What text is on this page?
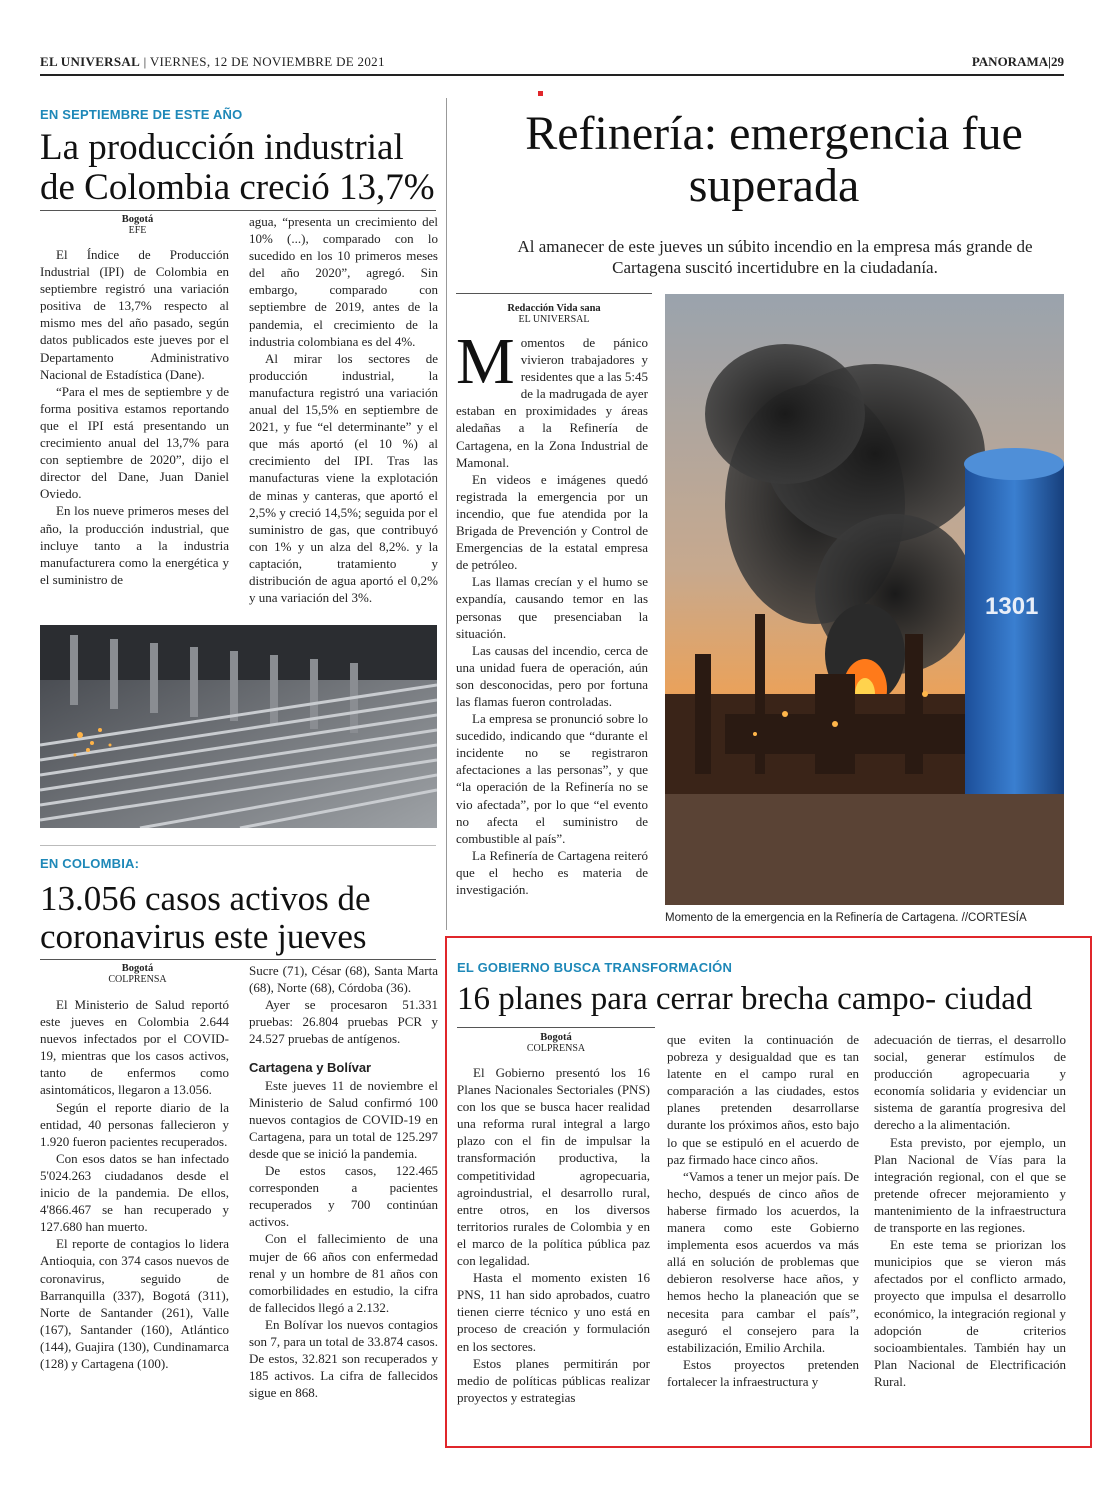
EL UNIVERSAL | VIERNES, 12 DE NOVIEMBRE DE 2021	PANORAMA|29
EN SEPTIEMBRE DE ESTE AÑO
La producción industrial de Colombia creció 13,7%
Bogotá
EFE

El Índice de Producción Industrial (IPI) de Colombia en septiembre registró una variación positiva de 13,7% respecto al mismo mes del año pasado, según datos publicados este jueves por el Departamento Administrativo Nacional de Estadística (Dane).

“Para el mes de septiembre y de forma positiva estamos reportando que el IPI está presentando un crecimiento anual del 13,7% para con septiembre de 2020”, dijo el director del Dane, Juan Daniel Oviedo.

En los nueve primeros meses del año, la producción industrial, que incluye tanto a la industria manufacturera como la energética y el suministro de

agua, “presenta un crecimiento del 10% (...), comparado con lo sucedido en los 10 primeros meses del año 2020”, agregó. Sin embargo, comparado con septiembre de 2019, antes de la pandemia, el crecimiento de la industria colombiana es del 4%.

Al mirar los sectores de producción industrial, la manufactura registró una variación anual del 15,5% en septiembre de 2021, y fue “el determinante” y el que más aportó (el 10 %) al crecimiento del IPI. Tras las manufacturas viene la explotación de minas y canteras, que aportó el 2,5% y creció 14,5%; seguida por el suministro de gas, que contribuyó con 1% y un alza del 8,2%. y la captación, tratamiento y distribución de agua aportó el 0,2% y una variación del 3%.

EN COLOMBIA:
13.056 casos activos de coronavirus este jueves
Bogotá
COLPRENSA

El Ministerio de Salud reportó este jueves en Colombia 2.644 nuevos infectados por el COVID-19, mientras que los casos activos, tanto de enfermos como asintomáticos, llegaron a 13.056.

Según el reporte diario de la entidad, 40 personas fallecieron y 1.920 fueron pacientes recuperados.

Con esos datos se han infectado 5'024.263 ciudadanos desde el inicio de la pandemia. De ellos, 4'866.467 se han recuperado y 127.680 han muerto.

El reporte de contagios lo lidera Antioquia, con 374 casos nuevos de coronavirus, seguido de Barranquilla (337), Bogotá (311), Norte de Santander (261), Valle (167), Santander (160), Atlántico (144), Guajira (130), Cundinamarca (128) y Cartagena (100).

Sucre (71), César (68), Santa Marta (68), Norte (68), Córdoba (36).

Ayer se procesaron 51.331 pruebas: 26.804 pruebas PCR y 24.527 pruebas de antígenos.

Cartagena y Bolívar

Este jueves 11 de noviembre el Ministerio de Salud confirmó 100 nuevos contagios de COVID-19 en Cartagena, para un total de 125.297 desde que se inició la pandemia.

De estos casos, 122.465 corresponden a pacientes recuperados y 700 continúan activos.

Con el fallecimiento de una mujer de 66 años con enfermedad renal y un hombre de 81 años con comorbilidades en estudio, la cifra de fallecidos llegó a 2.132.

En Bolívar los nuevos contagios son 7, para un total de 33.874 casos. De estos, 32.821 son recuperados y 185 activos. La cifra de fallecidos sigue en 868.

Refinería: emergencia fue superada
Al amanecer de este jueves un súbito incendio en la empresa más grande de Cartagena suscitó incertidubre en la ciudadanía.
Redacción Vida sana
EL UNIVERSAL
M omentos de pánico vivieron trabajadores y residentes que a las 5:45 de la madrugada de ayer estaban en proximidades y áreas aledañas a la Refinería de Cartagena, en la Zona Industrial de Mamonal.

En videos e imágenes quedó registrada la emergencia por un incendio, que fue atendida por la Brigada de Prevención y Control de Emergencias de la estatal empresa de petróleo.

Las llamas crecían y el humo se expandía, causando temor en las personas que presenciaban la situación.

Las causas del incendio, cerca de una unidad fuera de operación, aún son desconocidas, pero por fortuna las flamas fueron controladas.

La empresa se pronunció sobre lo sucedido, indicando que “durante el incidente no se registraron afectaciones a las personas”, y que “la operación de la Refinería no se vio afectada”, por lo que “el evento no afecta el suministro de combustible al país”.

La Refinería de Cartagena reiteró que el hecho es materia de investigación.

1301
Momento de la emergencia en la Refinería de Cartagena. //CORTESÍA
EL GOBIERNO BUSCA TRANSFORMACIÓN
16 planes para cerrar brecha campo- ciudad
Bogotá
COLPRENSA

El Gobierno presentó los 16 Planes Nacionales Sectoriales (PNS) con los que se busca hacer realidad una reforma rural integral a largo plazo con el fin de impulsar la transformación productiva, la competitividad agropecuaria, agroindustrial, el desarrollo rural, entre otros, en los diversos territorios rurales de Colombia y en el marco de la política pública paz con legalidad.

Hasta el momento existen 16 PNS, 11 han sido aprobados, cuatro tienen cierre técnico y uno está en proceso de creación y formulación en los sectores.

Estos planes permitirán por medio de políticas públicas realizar proyectos y estrategias

que eviten la continuación de pobreza y desigualdad que es tan latente en el campo rural en comparación a las ciudades, estos planes pretenden desarrollarse durante los próximos años, esto bajo lo que se estipuló en el acuerdo de paz firmado hace cinco años.

“Vamos a tener un mejor país. De hecho, después de cinco años de haberse firmado los acuerdos, la manera como este Gobierno implementa esos acuerdos va más allá en solución de problemas que debieron resolverse hace años, y hemos hecho la planeación que se necesita para cambar el país”, aseguró el consejero para la estabilización, Emilio Archila.

Estos proyectos pretenden fortalecer la infraestructura y

adecuación de tierras, el desarrollo social, generar estímulos de producción agropecuaria y economía solidaria y evidenciar un sistema de garantía progresiva del derecho a la alimentación.

Esta previsto, por ejemplo, un Plan Nacional de Vías para la integración regional, con el que se pretende ofrecer mejoramiento y mantenimiento de la infraestructura de transporte en las regiones.

En este tema se priorizan los municipios que se vieron más afectados por el conflicto armado, proyecto que impulsa el desarrollo económico, la integración regional y adopción de criterios socioambientales. También hay un Plan Nacional de Electrificación Rural.
